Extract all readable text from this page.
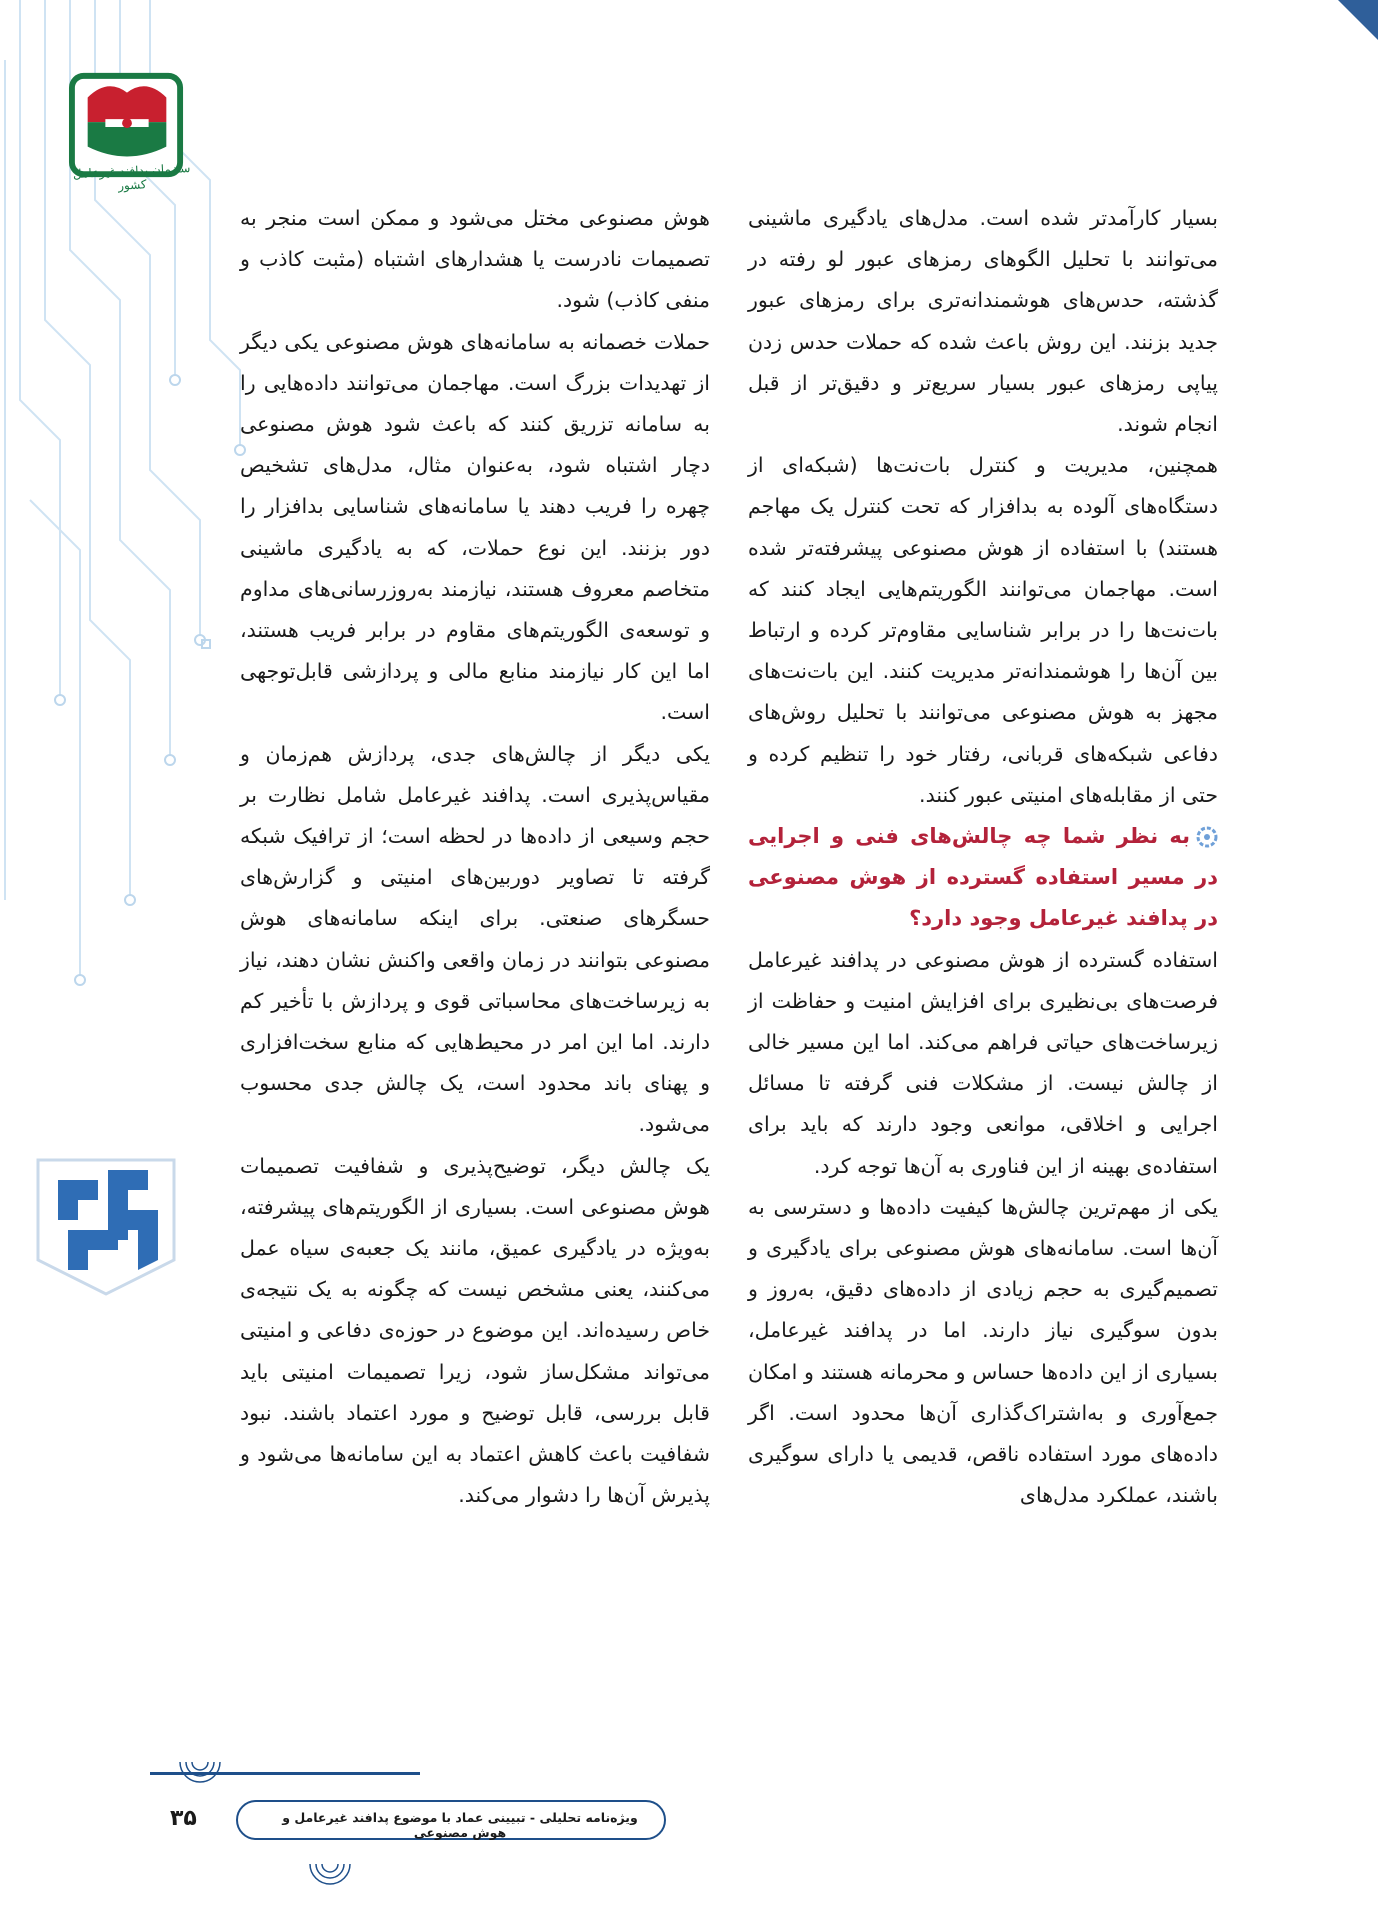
سازمان پدافند غیرعامل کشور

بسیار کارآمدتر شده است. مدل‌های یادگیری ماشینی می‌توانند با تحلیل الگوهای رمزهای عبور لو رفته در گذشته، حدس‌های هوشمندانه‌تری برای رمزهای عبور جدید بزنند. این روش باعث شده که حملات حدس زدن پیاپی رمزهای عبور بسیار سریع‌تر و دقیق‌تر از قبل انجام شوند.

همچنین، مدیریت و کنترل بات‌نت‌ها (شبکه‌ای از دستگاه‌های آلوده به بدافزار که تحت کنترل یک مهاجم هستند) با استفاده از هوش مصنوعی پیشرفته‌تر شده است. مهاجمان می‌توانند الگوریتم‌هایی ایجاد کنند که بات‌نت‌ها را در برابر شناسایی مقاوم‌تر کرده و ارتباط بین آن‌ها را هوشمندانه‌تر مدیریت کنند. این بات‌نت‌های مجهز به هوش مصنوعی می‌توانند با تحلیل روش‌های دفاعی شبکه‌های قربانی، رفتار خود را تنظیم کرده و حتی از مقابله‌های امنیتی عبور کنند.

به نظر شما چه چالش‌های فنی و اجرایی در مسیر استفاده گسترده از هوش مصنوعی در پدافند غیرعامل وجود دارد؟

استفاده گسترده از هوش مصنوعی در پدافند غیرعامل فرصت‌های بی‌نظیری برای افزایش امنیت و حفاظت از زیرساخت‌های حیاتی فراهم می‌کند. اما این مسیر خالی از چالش نیست. از مشکلات فنی گرفته تا مسائل اجرایی و اخلاقی، موانعی وجود دارند که باید برای استفاده‌ی بهینه از این فناوری به آن‌ها توجه کرد.

یکی از مهم‌ترین چالش‌ها کیفیت داده‌ها و دسترسی به آن‌ها است. سامانه‌های هوش مصنوعی برای یادگیری و تصمیم‌گیری به حجم زیادی از داده‌های دقیق، به‌روز و بدون سوگیری نیاز دارند. اما در پدافند غیرعامل، بسیاری از این داده‌ها حساس و محرمانه هستند و امکان جمع‌آوری و به‌اشتراک‌گذاری آن‌ها محدود است. اگر داده‌های مورد استفاده ناقص، قدیمی یا دارای سوگیری باشند، عملکرد مدل‌های

هوش مصنوعی مختل می‌شود و ممکن است منجر به تصمیمات نادرست یا هشدارهای اشتباه (مثبت کاذب و منفی کاذب) شود.

حملات خصمانه به سامانه‌های هوش مصنوعی یکی دیگر از تهدیدات بزرگ است. مهاجمان می‌توانند داده‌هایی را به سامانه تزریق کنند که باعث شود هوش مصنوعی دچار اشتباه شود، به‌عنوان مثال، مدل‌های تشخیص چهره را فریب دهند یا سامانه‌های شناسایی بدافزار را دور بزنند. این نوع حملات، که به یادگیری ماشینی متخاصم معروف هستند، نیازمند به‌روزرسانی‌های مداوم و توسعه‌ی الگوریتم‌های مقاوم در برابر فریب هستند، اما این کار نیازمند منابع مالی و پردازشی قابل‌توجهی است.

یکی دیگر از چالش‌های جدی، پردازش هم‌زمان و مقیاس‌پذیری است. پدافند غیرعامل شامل نظارت بر حجم وسیعی از داده‌ها در لحظه است؛ از ترافیک شبکه گرفته تا تصاویر دوربین‌های امنیتی و گزارش‌های حسگرهای صنعتی. برای اینکه سامانه‌های هوش مصنوعی بتوانند در زمان واقعی واکنش نشان دهند، نیاز به زیرساخت‌های محاسباتی قوی و پردازش با تأخیر کم دارند. اما این امر در محیط‌هایی که منابع سخت‌افزاری و پهنای باند محدود است، یک چالش جدی محسوب می‌شود.

یک چالش دیگر، توضیح‌پذیری و شفافیت تصمیمات هوش مصنوعی است. بسیاری از الگوریتم‌های پیشرفته، به‌ویژه در یادگیری عمیق، مانند یک جعبه‌ی سیاه عمل می‌کنند، یعنی مشخص نیست که چگونه به یک نتیجه‌ی خاص رسیده‌اند. این موضوع در حوزه‌ی دفاعی و امنیتی می‌تواند مشکل‌ساز شود، زیرا تصمیمات امنیتی باید قابل بررسی، قابل توضیح و مورد اعتماد باشند. نبود شفافیت باعث کاهش اعتماد به این سامانه‌ها می‌شود و پذیرش آن‌ها را دشوار می‌کند.

۳۵	ویژه‌نامه تحلیلی - تبیینی عماد با موضوع پدافند غیرعامل و هوش مصنوعی
